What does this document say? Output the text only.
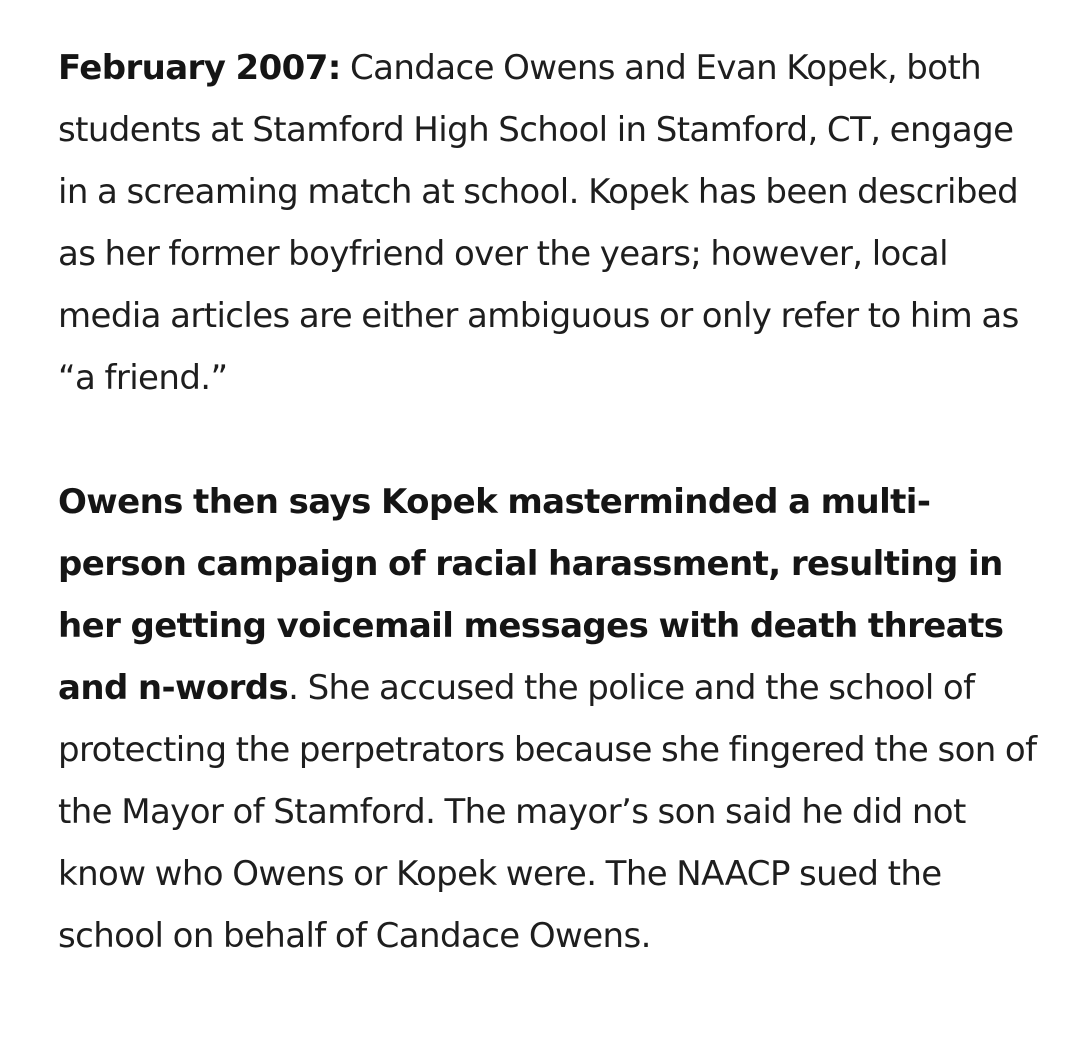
February 2007: Candace Owens and Evan Kopek, both students at Stamford High School in Stamford, CT, engage in a screaming match at school. Kopek has been described as her former boyfriend over the years; however, local media articles are either ambiguous or only refer to him as “a friend.”

Owens then says Kopek masterminded a multi-person campaign of racial harassment, resulting in her getting voicemail messages with death threats and n-words. She accused the police and the school of protecting the perpetrators because she fingered the son of the Mayor of Stamford. The mayor’s son said he did not know who Owens or Kopek were. The NAACP sued the school on behalf of Candace Owens.
